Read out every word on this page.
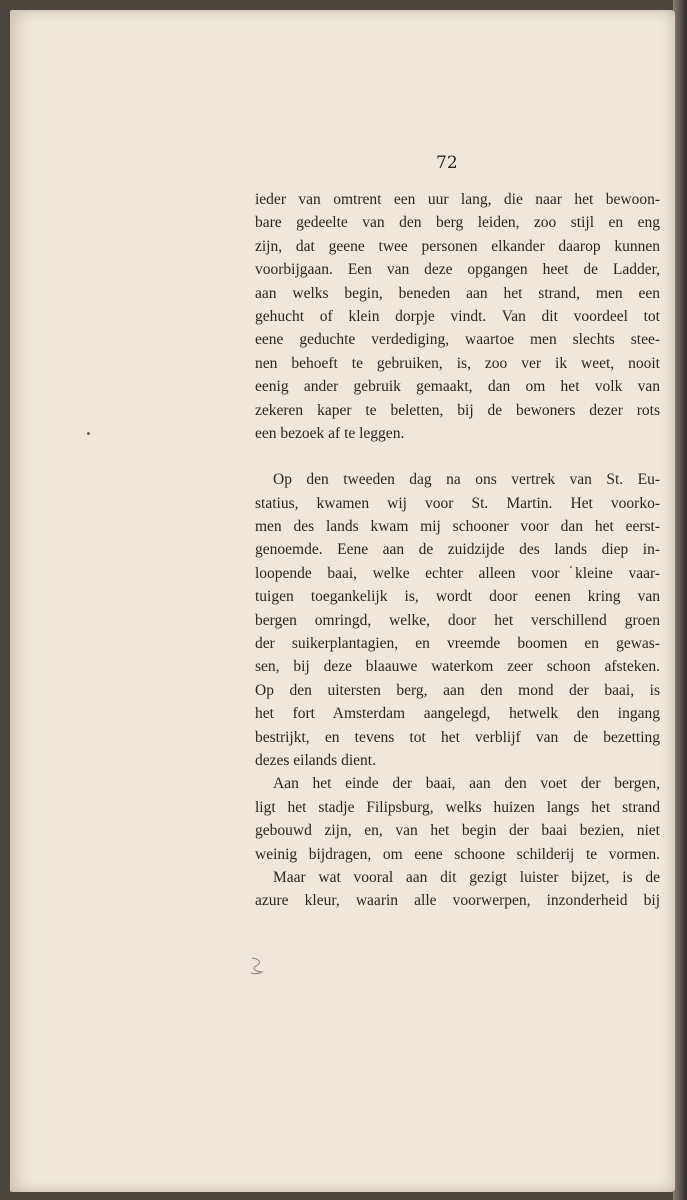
72
ieder van omtrent een uur lang, die naar het bewoon-
bare gedeelte van den berg leiden, zoo stijl en eng
zijn, dat geene twee personen elkander daarop kunnen
voorbijgaan. Een van deze opgangen heet de Ladder,
aan welks begin, beneden aan het strand, men een
gehucht of klein dorpje vindt. Van dit voordeel tot
eene geduchte verdediging, waartoe men slechts stee-
nen behoeft te gebruiken, is, zoo ver ik weet, nooit
eenig ander gebruik gemaakt, dan om het volk van
zekeren kaper te beletten, bij de bewoners dezer rots
een bezoek af te leggen.
Op den tweeden dag na ons vertrek van St. Eu-
statius, kwamen wij voor St. Martin. Het voorko-
men des lands kwam mij schooner voor dan het eerst-
genoemde. Eene aan de zuidzijde des lands diep in-
loopende baai, welke echter alleen voor kleine vaar-
tuigen toegankelijk is, wordt door eenen kring van
bergen omringd, welke, door het verschillend groen
der suikerplantagien, en vreemde boomen en gewas-
sen, bij deze blaauwe waterkom zeer schoon afsteken.
Op den uitersten berg, aan den mond der baai, is
het fort Amsterdam aangelegd, hetwelk den ingang
bestrijkt, en tevens tot het verblijf van de bezetting
dezes eilands dient.
Aan het einde der baai, aan den voet der bergen,
ligt het stadje Filipsburg, welks huizen langs het strand
gebouwd zijn, en, van het begin der baai bezien, niet
weinig bijdragen, om eene schoone schilderij te vormen.
Maar wat vooral aan dit gezigt luister bijzet, is de
azure kleur, waarin alle voorwerpen, inzonderheid bij
